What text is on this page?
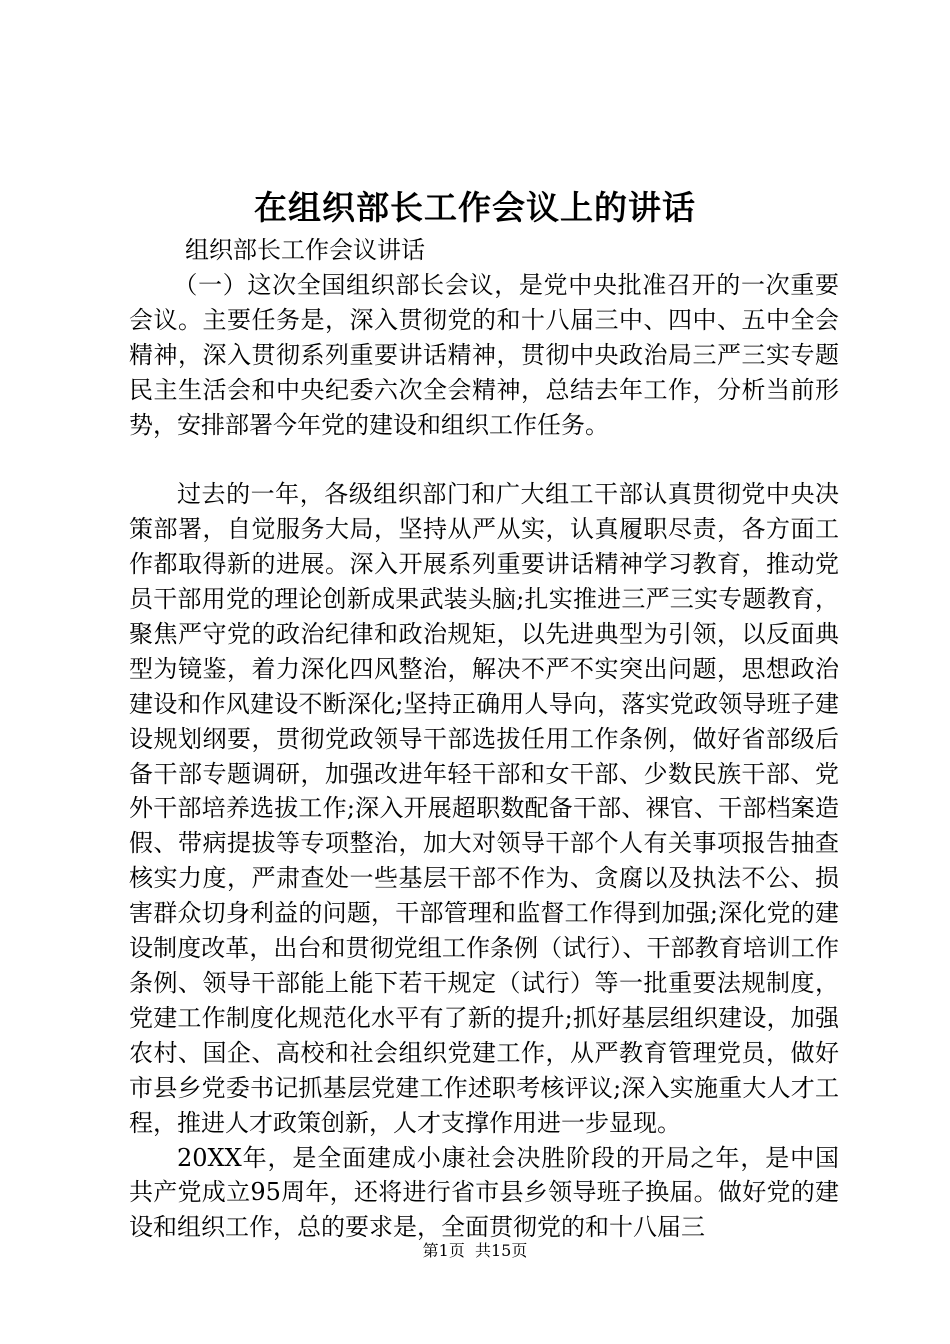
在组织部长工作会议上的讲话

组织部长工作会议讲话

（一）这次全国组织部长会议，是党中央批准召开的一次重要会议。主要任务是，深入贯彻党的和十八届三中、四中、五中全会精神，深入贯彻系列重要讲话精神，贯彻中央政治局三严三实专题民主生活会和中央纪委六次全会精神，总结去年工作，分析当前形势，安排部署今年党的建设和组织工作任务。

过去的一年，各级组织部门和广大组工干部认真贯彻党中央决策部署，自觉服务大局，坚持从严从实，认真履职尽责，各方面工作都取得新的进展。深入开展系列重要讲话精神学习教育，推动党员干部用党的理论创新成果武装头脑;扎实推进三严三实专题教育，聚焦严守党的政治纪律和政治规矩，以先进典型为引领，以反面典型为镜鉴，着力深化四风整治，解决不严不实突出问题，思想政治建设和作风建设不断深化;坚持正确用人导向，落实党政领导班子建设规划纲要，贯彻党政领导干部选拔任用工作条例，做好省部级后备干部专题调研，加强改进年轻干部和女干部、少数民族干部、党外干部培养选拔工作;深入开展超职数配备干部、裸官、干部档案造假、带病提拔等专项整治，加大对领导干部个人有关事项报告抽查核实力度，严肃查处一些基层干部不作为、贪腐以及执法不公、损害群众切身利益的问题，干部管理和监督工作得到加强;深化党的建设制度改革，出台和贯彻党组工作条例（试行）、干部教育培训工作条例、领导干部能上能下若干规定（试行）等一批重要法规制度，党建工作制度化规范化水平有了新的提升;抓好基层组织建设，加强农村、国企、高校和社会组织党建工作，从严教育管理党员，做好市县乡党委书记抓基层党建工作述职考核评议;深入实施重大人才工程，推进人才政策创新，人才支撑作用进一步显现。

20XX年，是全面建成小康社会决胜阶段的开局之年，是中国共产党成立95周年，还将进行省市县乡领导班子换届。做好党的建设和组织工作，总的要求是，全面贯彻党的和十八届三

第1页  共15页
